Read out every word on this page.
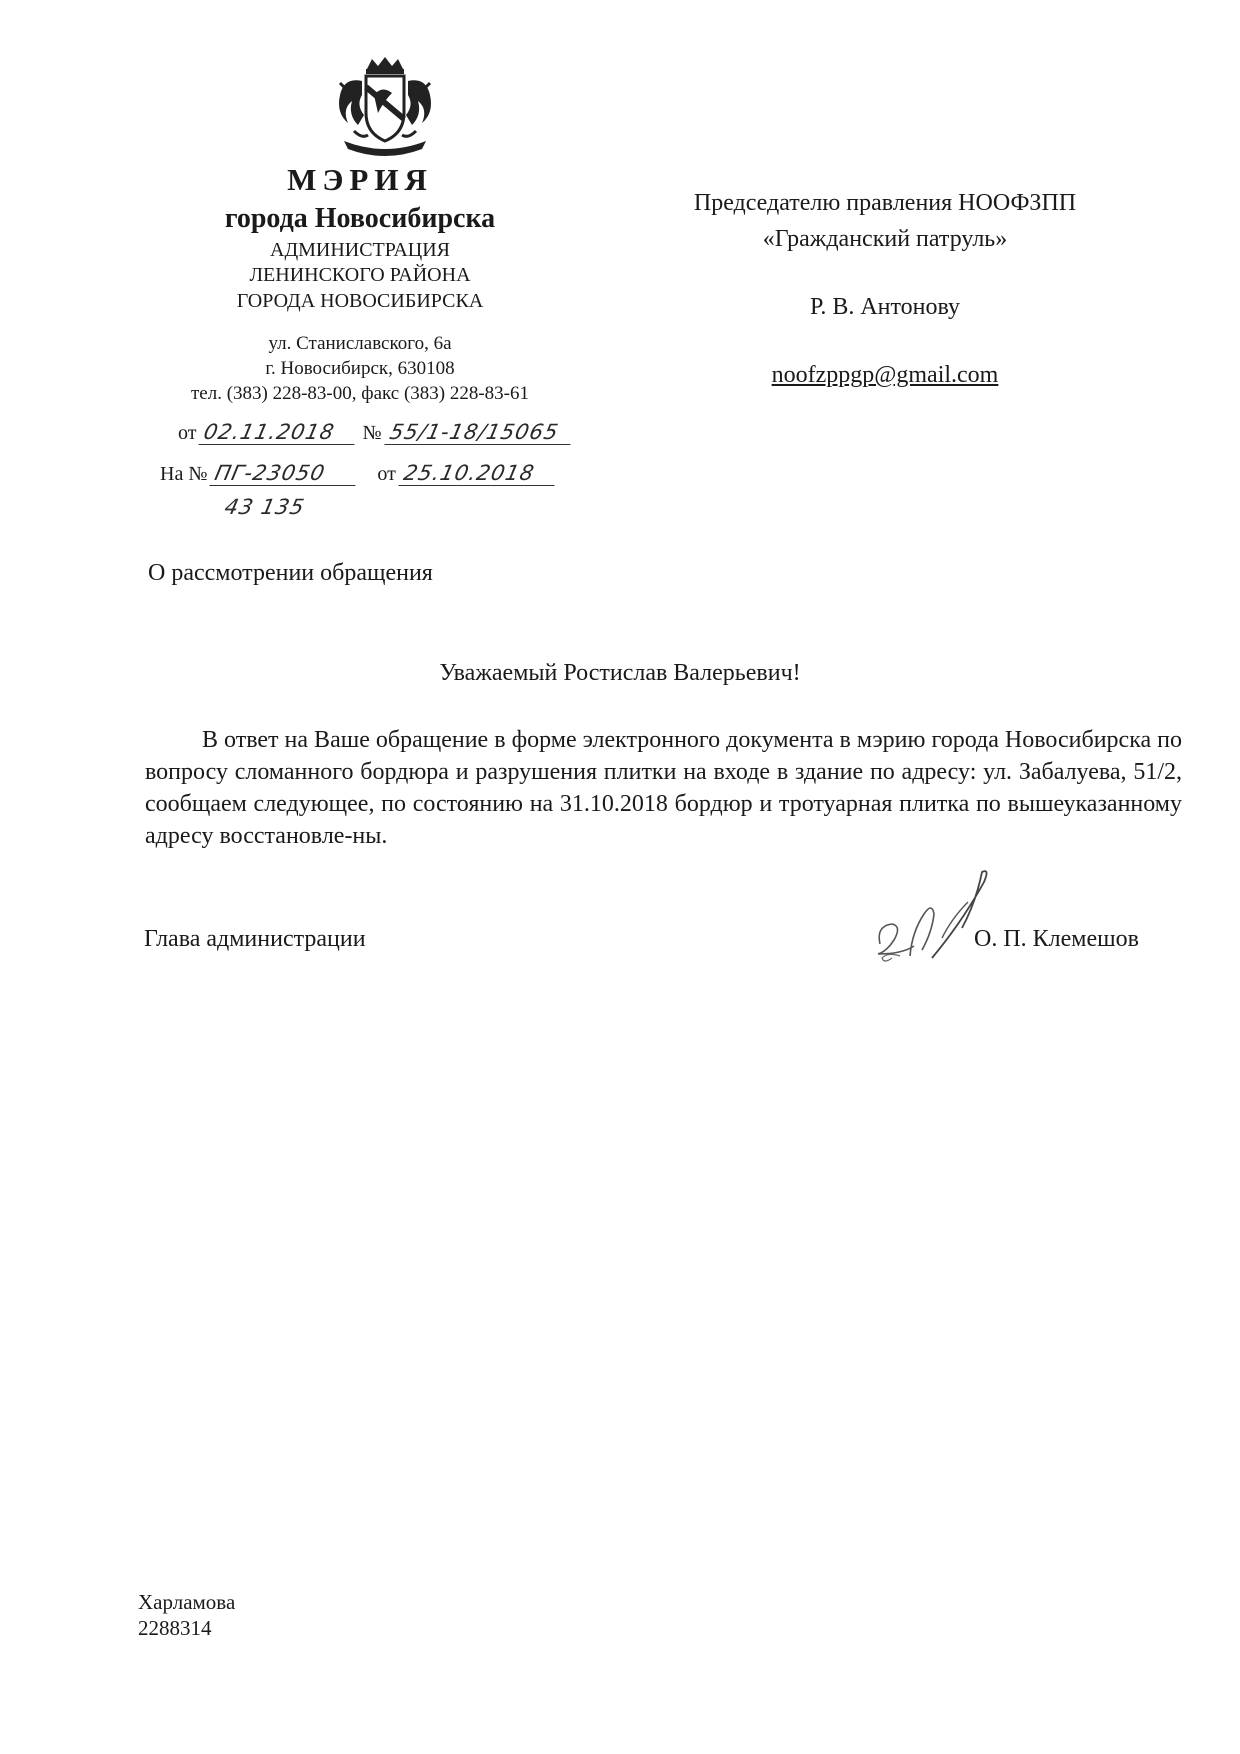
МЭРИЯ
города Новосибирска
АДМИНИСТРАЦИЯ
ЛЕНИНСКОГО РАЙОНА
ГОРОДА НОВОСИБИРСКА
ул. Станиславского, 6а
г. Новосибирск, 630108
тел. (383) 228-83-00, факс (383) 228-83-61
от 02.11.2018 № 55/1-18/15065
На № ПГ-23050 от 25.10.2018
43 135
Председателю правления НООФЗПП
«Гражданский патруль»
Р. В. Антонову
noofzppgp@gmail.com
О рассмотрении обращения
Уважаемый Ростислав Валерьевич!

В ответ на Ваше обращение в форме электронного документа в мэрию города Новосибирска по вопросу сломанного бордюра и разрушения плитки на входе в здание по адресу: ул. Забалуева, 51/2, сообщаем следующее, по состоянию на 31.10.2018 бордюр и тротуарная плитка по вышеуказанному адресу восстановле-ны.

Глава администрации	О. П. Клемешов
Харламова
2288314
